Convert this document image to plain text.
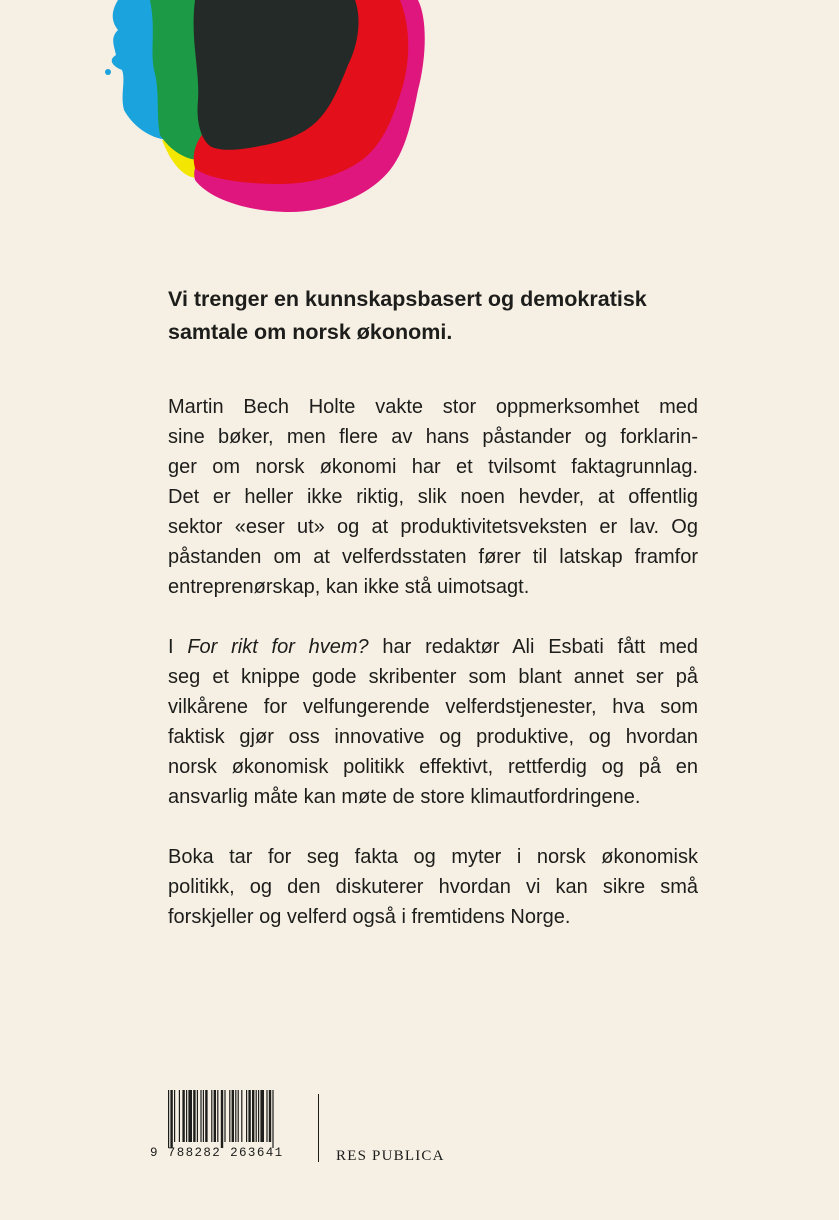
Vi trenger en kunnskapsbasert og demokratisk
samtale om norsk økonomi.

Martin Bech Holte vakte stor oppmerksomhet med
sine bøker, men flere av hans påstander og forklarin-
ger om norsk økonomi har et tvilsomt faktagrunnlag.
Det er heller ikke riktig, slik noen hevder, at offentlig
sektor «eser ut» og at produktivitetsveksten er lav. Og
påstanden om at velferdsstaten fører til latskap framfor
entreprenørskap, kan ikke stå uimotsagt.

I For rikt for hvem? har redaktør Ali Esbati fått med
seg et knippe gode skribenter som blant annet ser på
vilkårene for velfungerende velferdstjenester, hva som
faktisk gjør oss innovative og produktive, og hvordan
norsk økonomisk politikk effektivt, rettferdig og på en
ansvarlig måte kan møte de store klimautfordringene.

Boka tar for seg fakta og myter i norsk økonomisk
politikk, og den diskuterer hvordan vi kan sikre små
forskjeller og velferd også i fremtidens Norge.

9 788282 263641	RES PUBLICA
